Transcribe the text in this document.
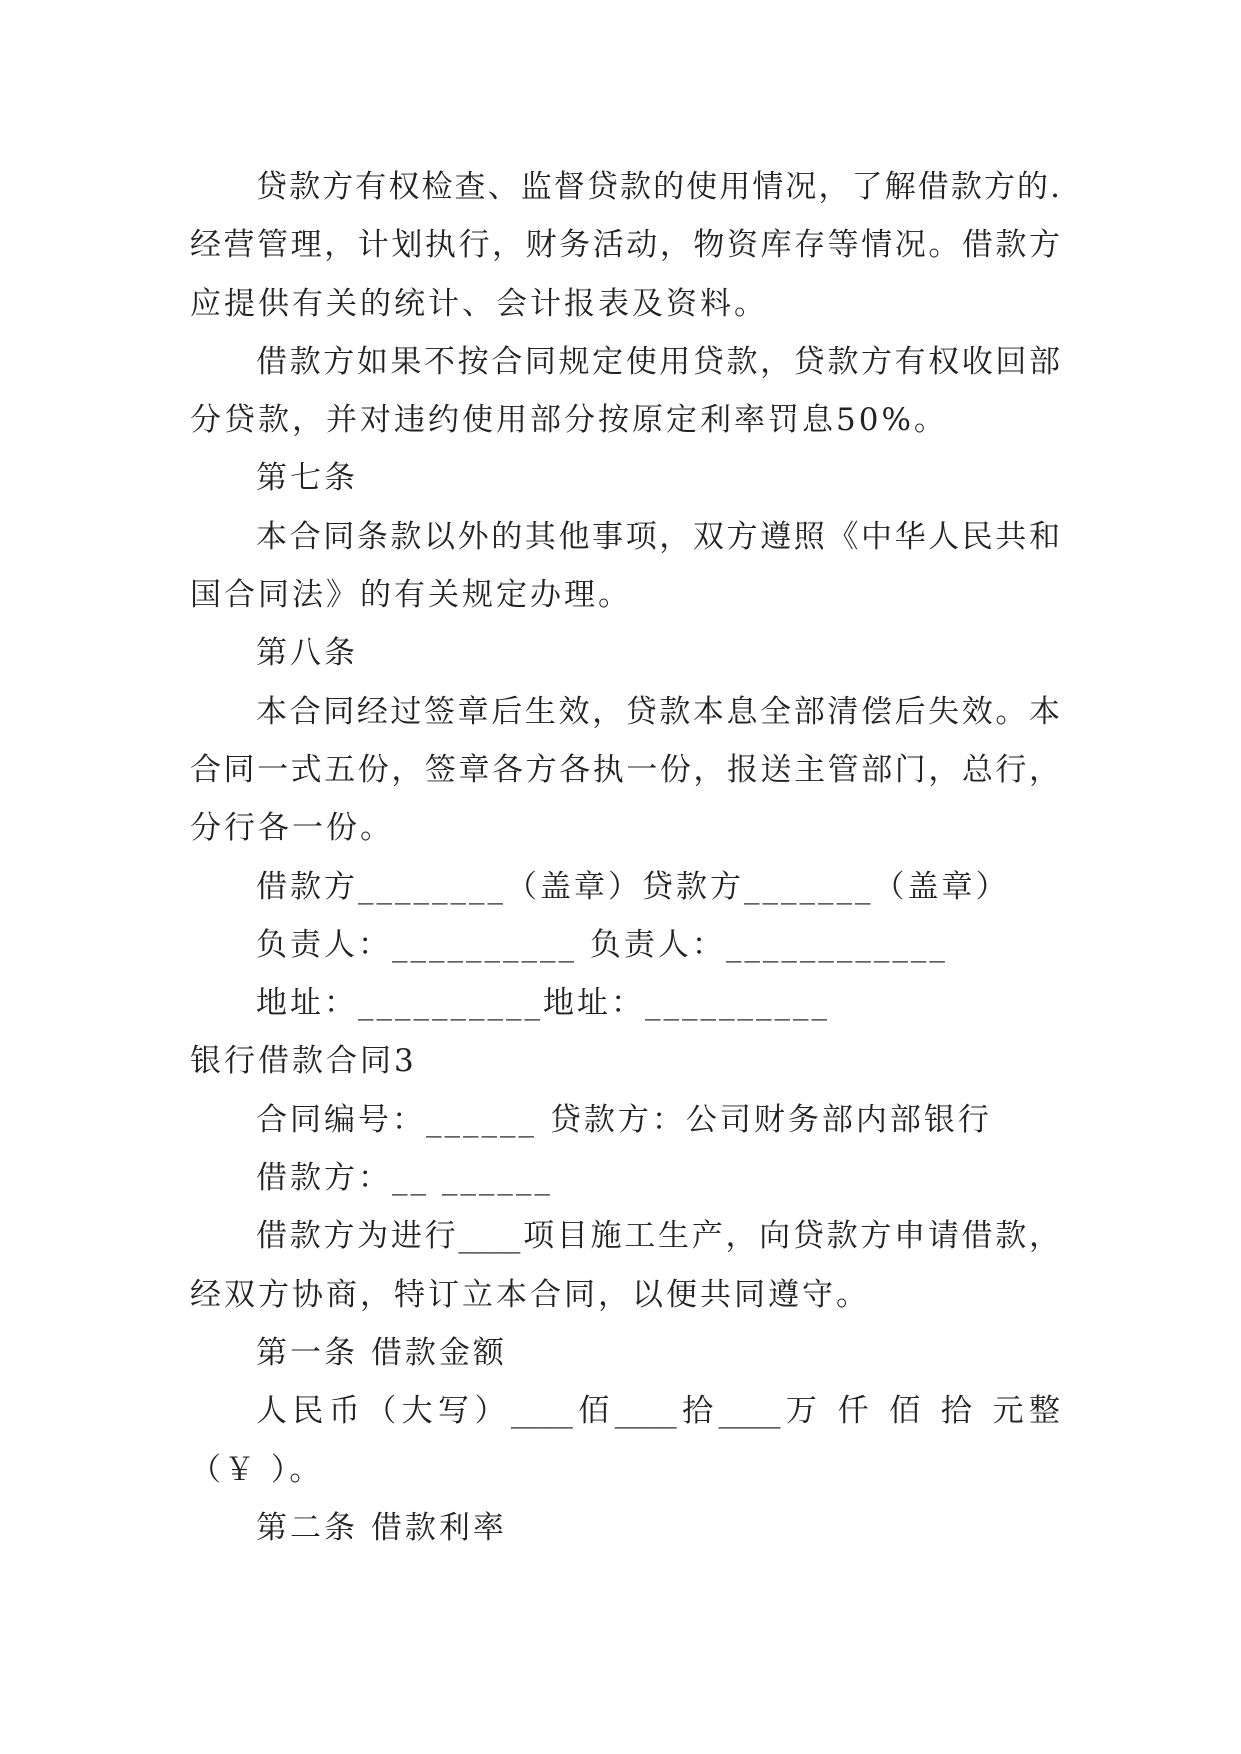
贷款方有权检查、监督贷款的使用情况，了解借款方的.
经营管理，计划执行，财务活动，物资库存等情况。借款方
应提供有关的统计、会计报表及资料。
借款方如果不按合同规定使用贷款，贷款方有权收回部
分贷款，并对违约使用部分按原定利率罚息50%。
第七条
本合同条款以外的其他事项，双方遵照《中华人民共和
国合同法》的有关规定办理。
第八条
本合同经过签章后生效，贷款本息全部清偿后失效。本
合同一式五份，签章各方各执一份，报送主管部门，总行，
分行各一份。
借款方________（盖章）贷款方_______（盖章）
负责人：__________ 负责人：____________
地址：__________地址：__________
银行借款合同3
合同编号：______ 贷款方：公司财务部内部银行
借款方：__ ______
借款方为进行____项目施工生产，向贷款方申请借款，
经双方协商，特订立本合同，以便共同遵守。
第一条 借款金额
人民币（大写）____佰____拾____万 仟 佰 拾 元整
（￥ ）。
第二条 借款利率
